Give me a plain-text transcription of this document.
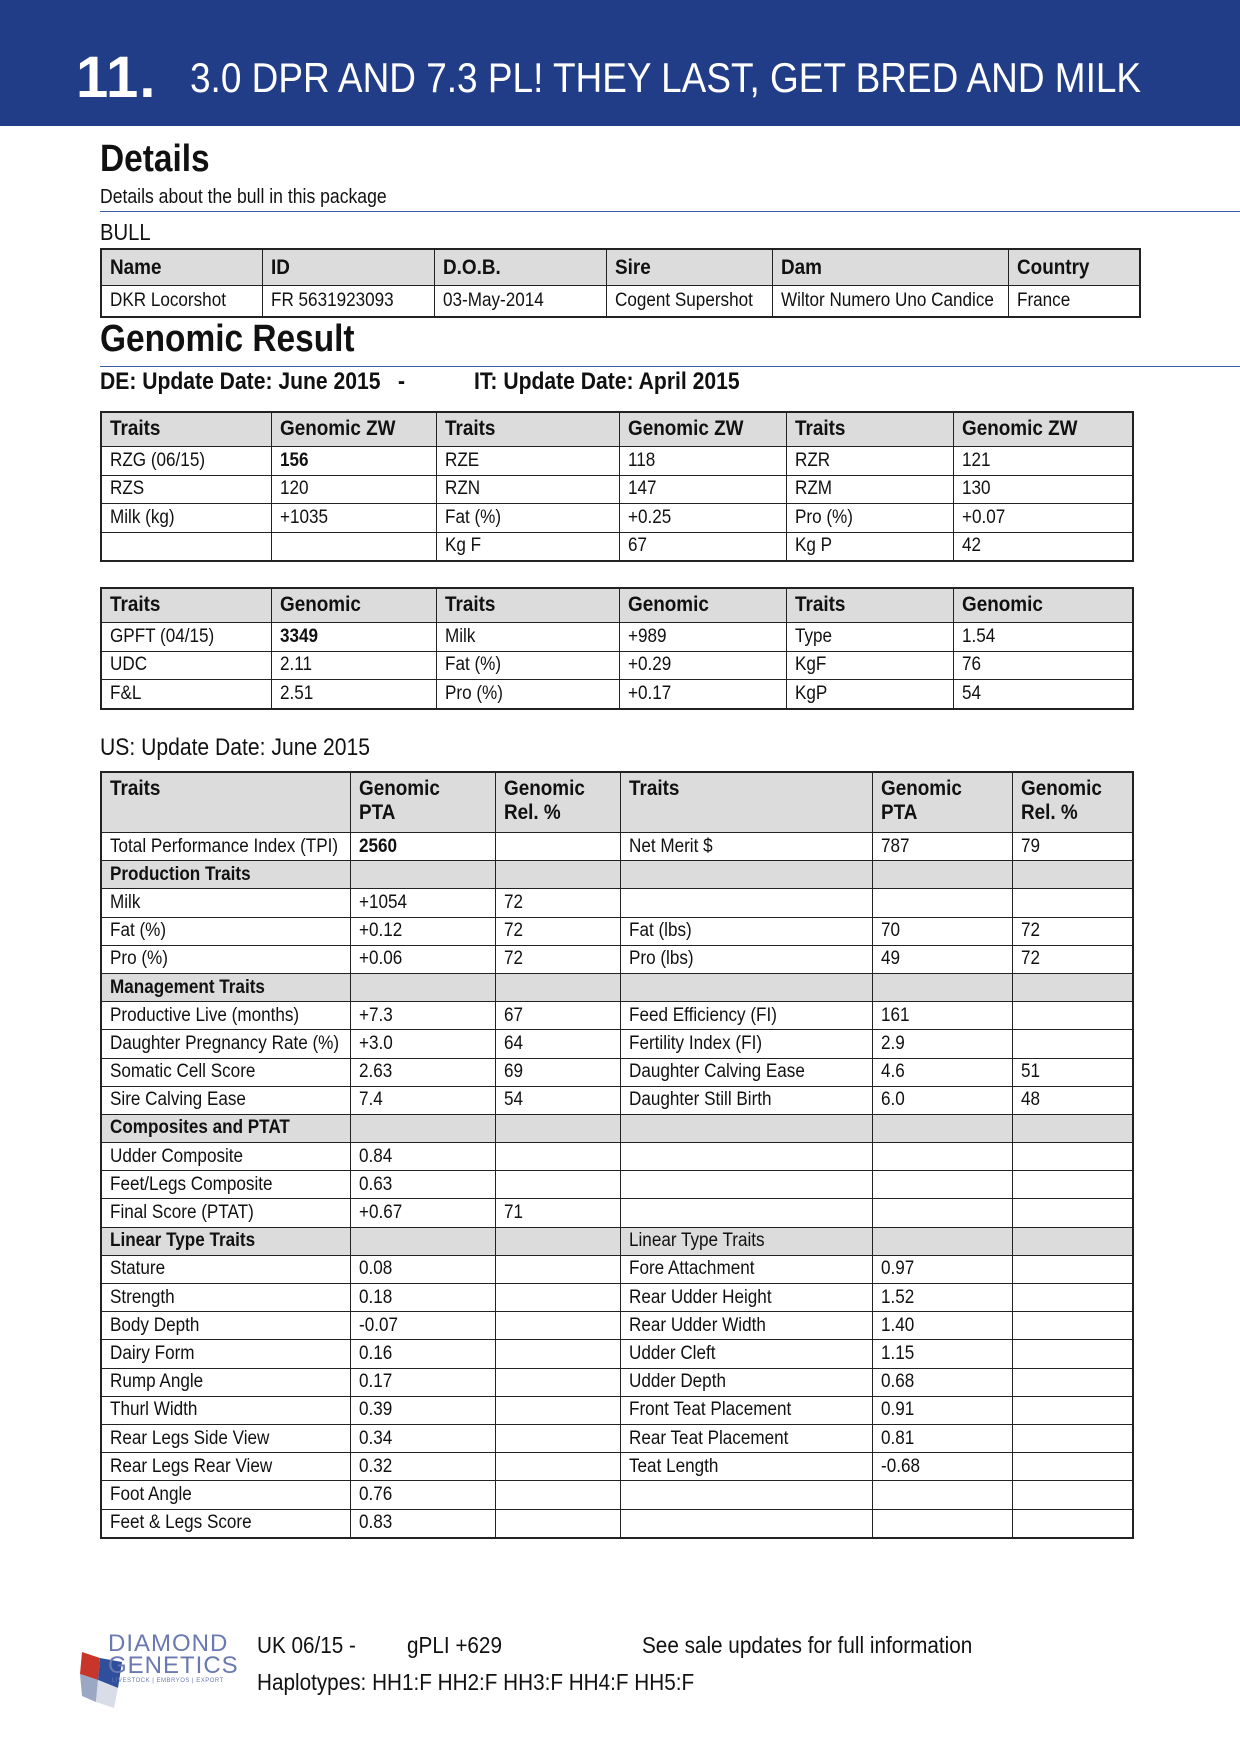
11. 3.0 DPR AND 7.3 PL! THEY LAST, GET BRED AND MILK
Details
Details about the bull in this package
BULL
Name	ID	D.O.B.	Sire	Dam	Country
DKR Locorshot	FR 5631923093	03-May-2014	Cogent Supershot	Wiltor Numero Uno Candice	France
Genomic Result
DE: Update Date: June 2015 -	IT: Update Date: April 2015
Traits	Genomic ZW	Traits	Genomic ZW	Traits	Genomic ZW
RZG (06/15)	156	RZE	118	RZR	121
RZS	120	RZN	147	RZM	130
Milk (kg)	+1035	Fat (%)	+0.25	Pro (%)	+0.07
		Kg F	67	Kg P	42
Traits	Genomic	Traits	Genomic	Traits	Genomic
GPFT (04/15)	3349	Milk	+989	Type	1.54
UDC	2.11	Fat (%)	+0.29	KgF	76
F&L	2.51	Pro (%)	+0.17	KgP	54
US: Update Date: June 2015
Traits	Genomic PTA	Genomic Rel. %	Traits	Genomic PTA	Genomic Rel. %
Total Performance Index (TPI)	2560		Net Merit $	787	79
Production Traits					
Milk	+1054	72			
Fat (%)	+0.12	72	Fat (lbs)	70	72
Pro (%)	+0.06	72	Pro (lbs)	49	72
Management Traits					
Productive Live (months)	+7.3	67	Feed Efficiency (FI)	161	
Daughter Pregnancy Rate (%)	+3.0	64	Fertility Index (FI)	2.9	
Somatic Cell Score	2.63	69	Daughter Calving Ease	4.6	51
Sire Calving Ease	7.4	54	Daughter Still Birth	6.0	48
Composites and PTAT					
Udder Composite	0.84				
Feet/Legs Composite	0.63				
Final Score (PTAT)	+0.67	71			
Linear Type Traits			Linear Type Traits		
Stature	0.08		Fore Attachment	0.97	
Strength	0.18		Rear Udder Height	1.52	
Body Depth	-0.07		Rear Udder Width	1.40	
Dairy Form	0.16		Udder Cleft	1.15	
Rump Angle	0.17		Udder Depth	0.68	
Thurl Width	0.39		Front Teat Placement	0.91	
Rear Legs Side View	0.34		Rear Teat Placement	0.81	
Rear Legs Rear View	0.32		Teat Length	-0.68	
Foot Angle	0.76				
Feet & Legs Score	0.83				
DIAMOND
GENETICS
LIVESTOCK | EMBRYOS | EXPORT
UK 06/15 - gPLI +629	See sale updates for full information
Haplotypes: HH1:F HH2:F HH3:F HH4:F HH5:F
